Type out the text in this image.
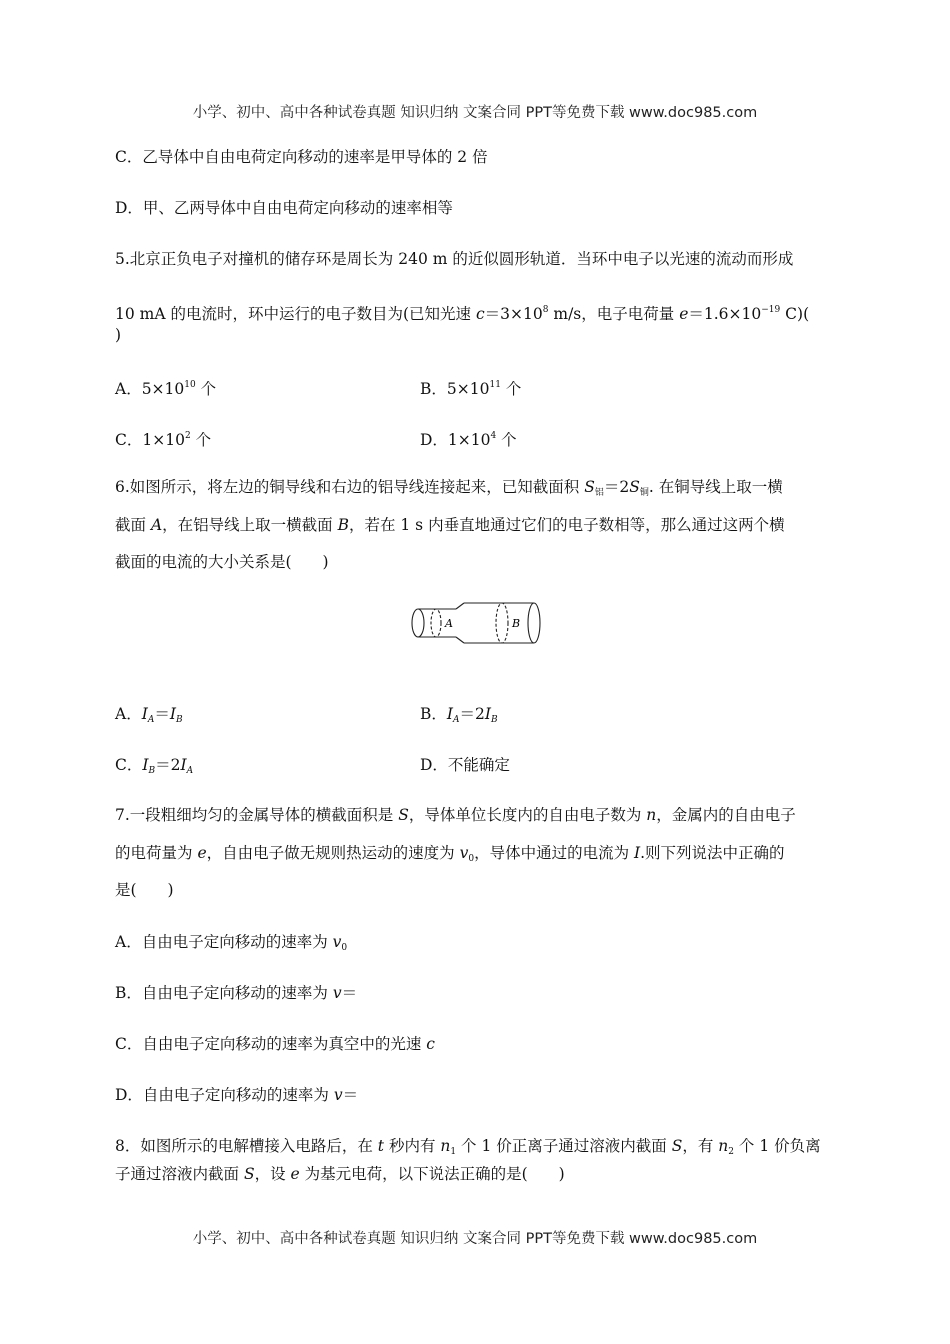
小学、初中、高中各种试卷真题 知识归纳 文案合同 PPT等免费下载 www.doc985.com
C．乙导体中自由电荷定向移动的速率是甲导体的 2 倍
D．甲、乙两导体中自由电荷定向移动的速率相等
5.北京正负电子对撞机的储存环是周长为 240 m 的近似圆形轨道．当环中电子以光速的流动而形成
10 mA 的电流时，环中运行的电子数目为(已知光速 $c=3\times 10^8$ m/s，电子电荷量 $e=1.6\times 10^{-19}$ C)(
)
A．$5\times 10^{10}$ 个	B．$5\times 10^{11}$ 个
C．$1\times 10^2$ 个	D．$1\times 10^4$ 个
6.如图所示，将左边的铜导线和右边的铝导线连接起来，已知截面积 $S_铝=2S_铜$. 在铜导线上取一横
截面 A，在铝导线上取一横截面 B，若在 1 s 内垂直地通过它们的电子数相等，那么通过这两个横
截面的电流的大小关系是(　　)
A	B
A．$I_A=I_B$	B．$I_A=2I_B$
C．$I_B=2I_A$	D．不能确定
7.一段粗细均匀的金属导体的横截面积是 S，导体单位长度内的自由电子数为 n，金属内的自由电子
的电荷量为 e，自由电子做无规则热运动的速度为 $v_0$，导体中通过的电流为 I.则下列说法中正确的
是(　　)
A．自由电子定向移动的速率为 $v_0$
B．自由电子定向移动的速率为 v＝
C．自由电子定向移动的速率为真空中的光速 c
D．自由电子定向移动的速率为 v＝
8．如图所示的电解槽接入电路后，在 t 秒内有 $n_1$ 个 1 价正离子通过溶液内截面 S，有 $n_2$ 个 1 价负离
子通过溶液内截面 S，设 e 为基元电荷，以下说法正确的是(　　)
小学、初中、高中各种试卷真题 知识归纳 文案合同 PPT等免费下载 www.doc985.com
